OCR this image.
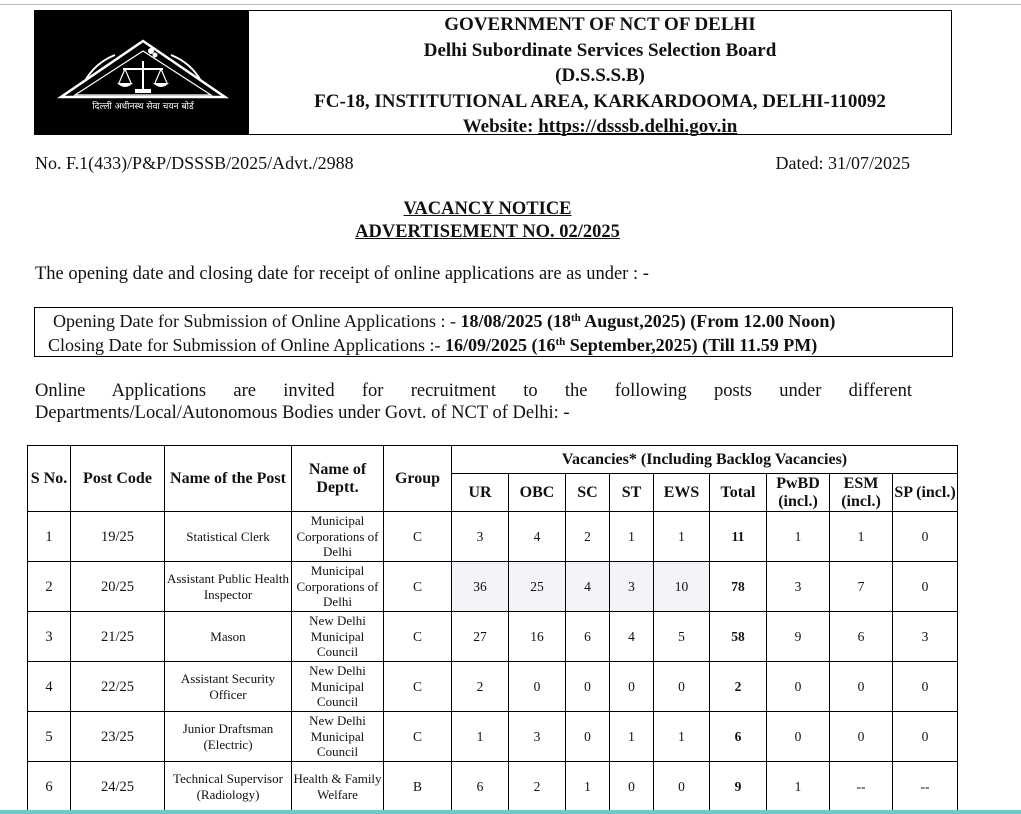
दिल्ली अधीनस्थ सेवा चयन बोर्ड
GOVERNMENT OF NCT OF DELHI
Delhi Subordinate Services Selection Board
(D.S.S.S.B)
FC-18, INSTITUTIONAL AREA, KARKARDOOMA, DELHI-110092
Website: https://dsssb.delhi.gov.in
No. F.1(433)/P&P/DSSSB/2025/Advt./2988	Dated: 31/07/2025
VACANCY NOTICE
ADVERTISEMENT NO. 02/2025
The opening date and closing date for receipt of online applications are as under : -
Opening Date for Submission of Online Applications : - 18/08/2025 (18th August,2025) (From 12.00 Noon)
Closing Date for Submission of Online Applications :- 16/09/2025 (16th September,2025) (Till 11.59 PM)
Online Applications are invited for recruitment to the following posts under different
Departments/Local/Autonomous Bodies under Govt. of NCT of Delhi: -
S No.	Post Code	Name of the Post	Name of Deptt.	Group	Vacancies* (Including Backlog Vacancies)								
					UR	OBC	SC	ST	EWS	Total	PwBD (incl.)	ESM (incl.)	SP (incl.)
1	19/25	Statistical Clerk	Municipal Corporations of Delhi	C	3	4	2	1	1	11	1	1	0
2	20/25	Assistant Public Health Inspector	Municipal Corporations of Delhi	C	36	25	4	3	10	78	3	7	0
3	21/25	Mason	New Delhi Municipal Council	C	27	16	6	4	5	58	9	6	3
4	22/25	Assistant Security Officer	New Delhi Municipal Council	C	2	0	0	0	0	2	0	0	0
5	23/25	Junior Draftsman (Electric)	New Delhi Municipal Council	C	1	3	0	1	1	6	0	0	0
6	24/25	Technical Supervisor (Radiology)	Health & Family Welfare	B	6	2	1	0	0	9	1	--	--
